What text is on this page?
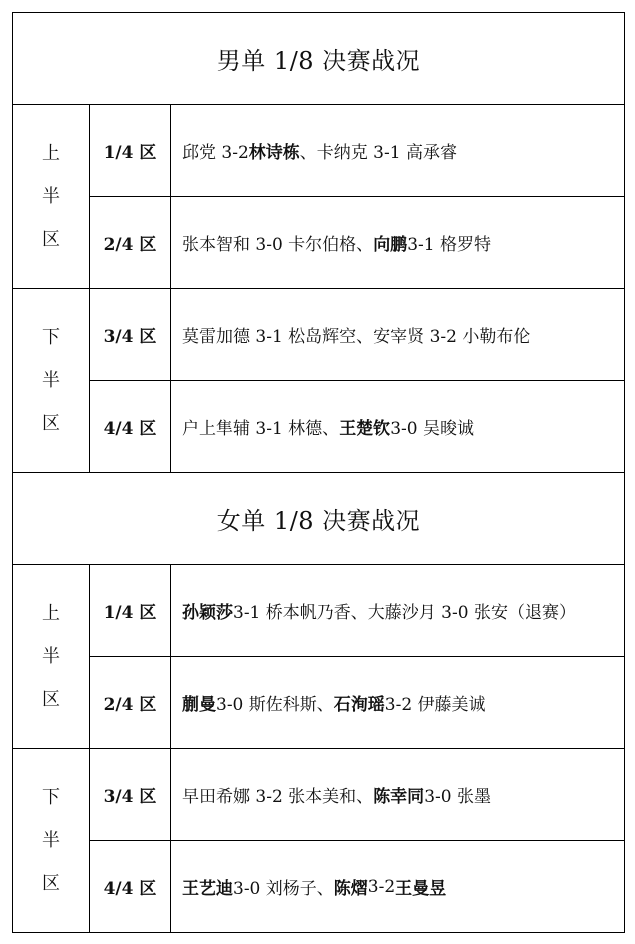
男单 1/8 决赛战况
上
半
区
1/4 区	邱党 3-2 林诗栋 、卡纳克 3-1 高承睿
2/4 区	张本智和 3-0 卡尔伯格、 向鹏 3-1 格罗特
下
半
区
3/4 区	莫雷加德 3-1 松岛辉空、安宰贤 3-2 小勒布伦
4/4 区	户上隼辅 3-1 林德、 王楚钦 3-0 吴晙诚
女单 1/8 决赛战况
上
半
区
1/4 区	孙颖莎 3-1 桥本帆乃香、大藤沙月 3-0 张安（退赛）
2/4 区	蒯曼 3-0 斯佐科斯、 石洵瑶 3-2 伊藤美诚
下
半
区
3/4 区	早田希娜 3-2 张本美和、 陈幸同 3-0 张墨
4/4 区	王艺迪 3-0 刘杨子、 陈熠 3-2 王曼昱
